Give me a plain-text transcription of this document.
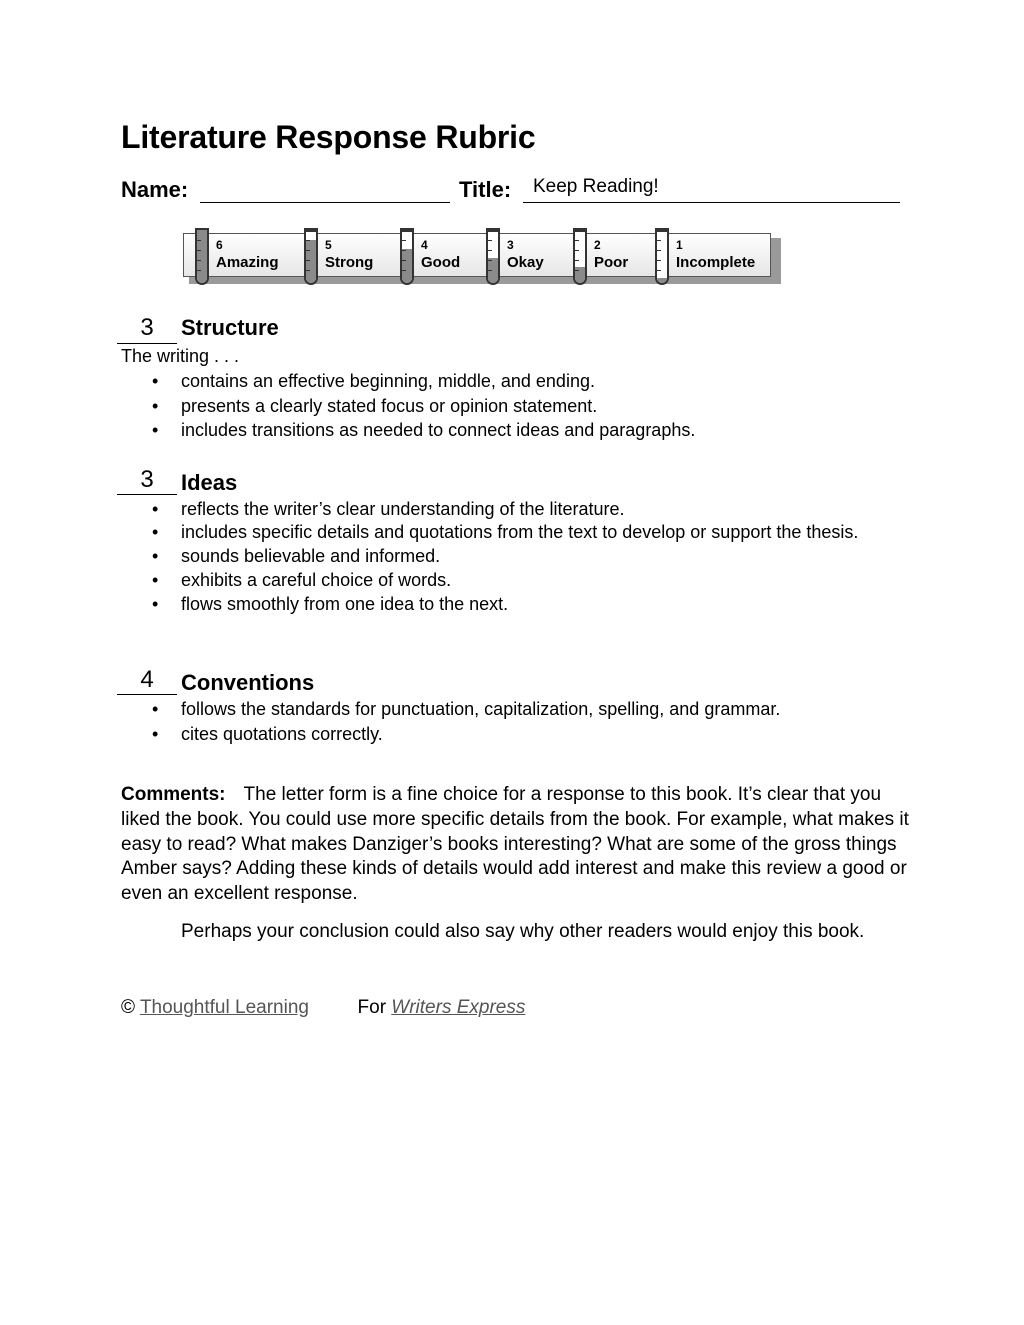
Literature Response Rubric
Name:	Title: Keep Reading!
6
Amazing
5
Strong
4
Good
3
Okay
2
Poor
1
Incomplete
3	Structure
The writing . . .
• contains an effective beginning, middle, and ending.
• presents a clearly stated focus or opinion statement.
• includes transitions as needed to connect ideas and paragraphs.
3	Ideas
• reflects the writer’s clear understanding of the literature.
• includes specific details and quotations from the text to develop or support the thesis.
• sounds believable and informed.
• exhibits a careful choice of words.
• flows smoothly from one idea to the next.
4	Conventions
• follows the standards for punctuation, capitalization, spelling, and grammar.
• cites quotations correctly.

Comments: The letter form is a fine choice for a response to this book. It’s clear that you liked the book. You could use more specific details from the book. For example, what makes it easy to read? What makes Danziger’s books interesting? What are some of the gross things Amber says? Adding these kinds of details would add interest and make this review a good or even an excellent response.

Perhaps your conclusion could also say why other readers would enjoy this book.

© Thoughtful Learning	For Writers Express
